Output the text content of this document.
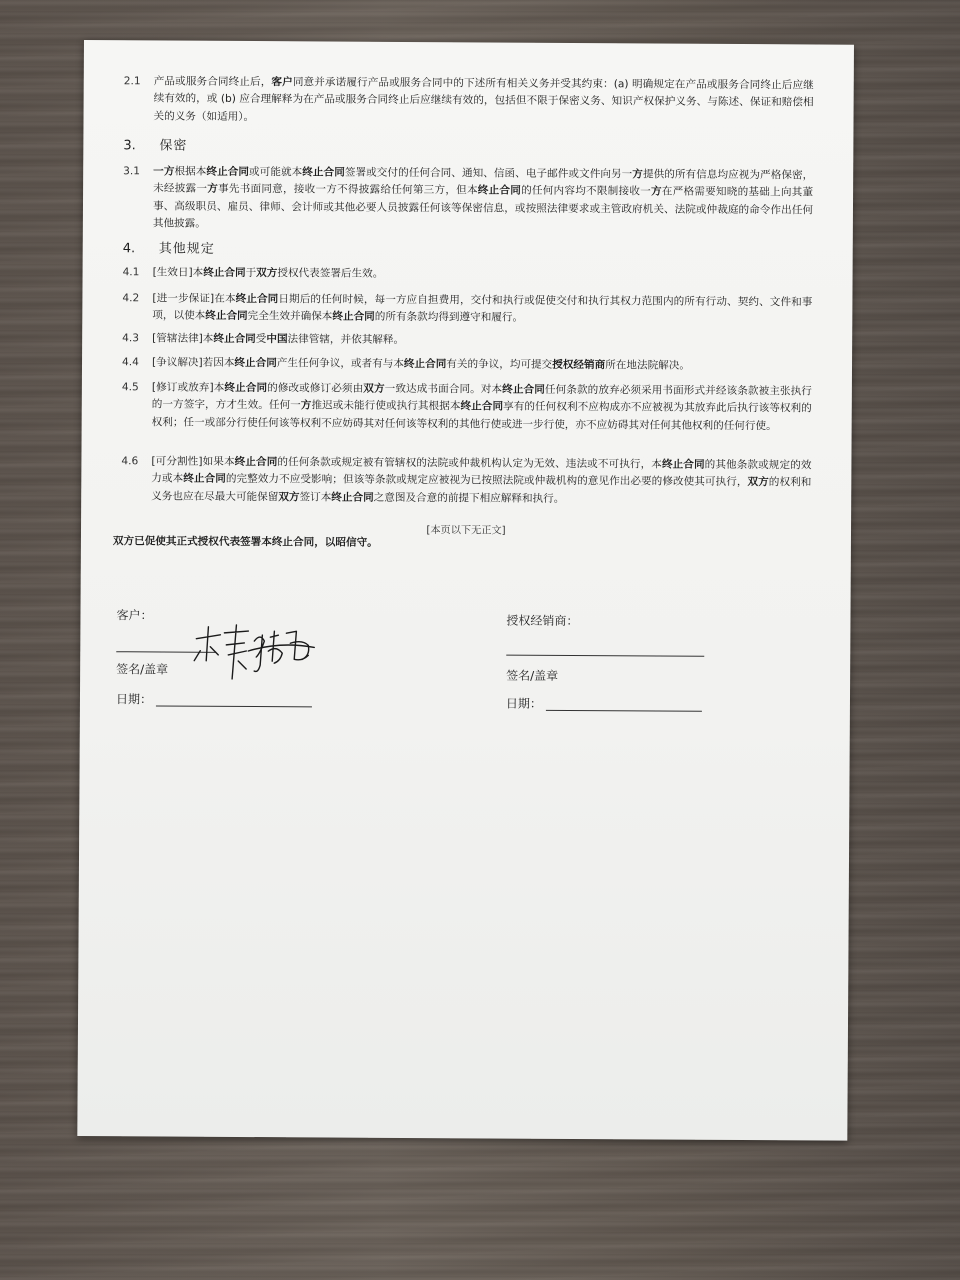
2.1	产品或服务合同终止后，客户同意并承诺履行产品或服务合同中的下述所有相关义务并受其约束：(a) 明确规定在产品或服务合同终止后应继续有效的，或 (b) 应合理解释为在产品或服务合同终止后应继续有效的，包括但不限于保密义务、知识产权保护义务、与陈述、保证和赔偿相关的义务（如适用）。
3. 保密
3.1	一方根据本终止合同或可能就本终止合同签署或交付的任何合同、通知、信函、电子邮件或文件向另一方提供的所有信息均应视为严格保密，未经披露一方事先书面同意，接收一方不得披露给任何第三方，但本终止合同的任何内容均不限制接收一方在严格需要知晓的基础上向其董事、高级职员、雇员、律师、会计师或其他必要人员披露任何该等保密信息，或按照法律要求或主管政府机关、法院或仲裁庭的命令作出任何其他披露。
4. 其他规定
4.1	[生效日]本终止合同于双方授权代表签署后生效。
4.2	[进一步保证]在本终止合同日期后的任何时候，每一方应自担费用，交付和执行或促使交付和执行其权力范围内的所有行动、契约、文件和事项，以使本终止合同完全生效并确保本终止合同的所有条款均得到遵守和履行。
4.3	[管辖法律]本终止合同受中国法律管辖，并依其解释。
4.4	[争议解决]若因本终止合同产生任何争议，或者有与本终止合同有关的争议，均可提交授权经销商所在地法院解决。
4.5	[修订或放弃]本终止合同的修改或修订必须由双方一致达成书面合同。对本终止合同任何条款的放弃必须采用书面形式并经该条款被主张执行的一方签字，方才生效。任何一方推迟或未能行使或执行其根据本终止合同享有的任何权利不应构成亦不应被视为其放弃此后执行该等权利的权利；任一或部分行使任何该等权利不应妨碍其对任何该等权利的其他行使或进一步行使，亦不应妨碍其对任何其他权利的任何行使。
4.6	[可分割性]如果本终止合同的任何条款或规定被有管辖权的法院或仲裁机构认定为无效、违法或不可执行，本终止合同的其他条款或规定的效力或本终止合同的完整效力不应受影响；但该等条款或规定应被视为已按照法院或仲裁机构的意见作出必要的修改使其可执行，双方的权利和义务也应在尽最大可能保留双方签订本终止合同之意图及合意的前提下相应解释和执行。
[本页以下无正文]
双方已促使其正式授权代表签署本终止合同，以昭信守。
客户：
签名/盖章
日期：
授权经销商：
签名/盖章
日期：
